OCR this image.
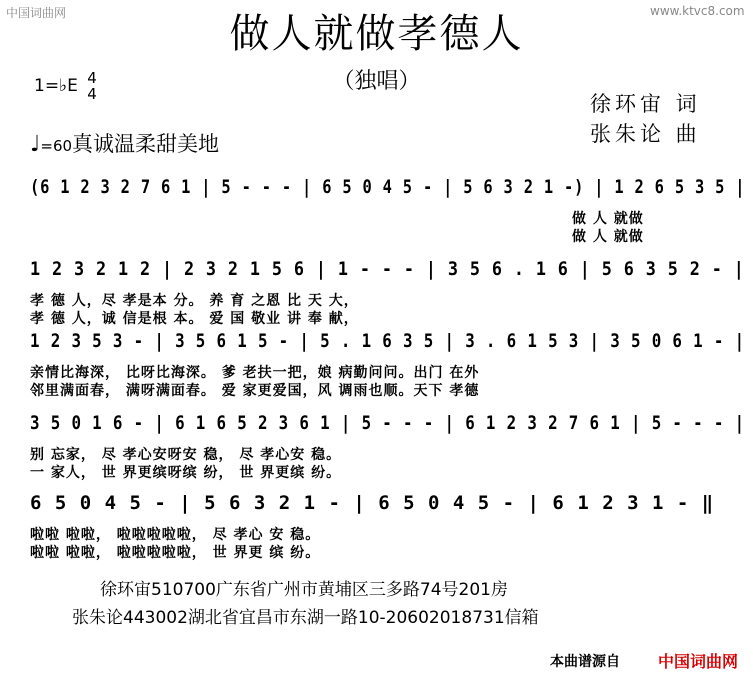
中国词曲网	www.ktvc8.com
做人就做孝德人
（独唱）
1=♭E 4
4	徐环宙 词
张朱论 曲
♩=60真诚温柔甜美地
(6 1 2 3 2 7 6 1 | 5 - - - | 6 5 0 4 5 - | 5 6 3 2 1 -) | 1 2 6 5 3 5 |
做 人 就做
做 人 就做
1 2 3 2 1 2 | 2 3 2 1 5 6 | 1 - - - | 3 5 6 . 1 6 | 5 6 3 5 2 - |
孝 德 人，尽 孝是本 分。 养 育 之恩 比 天 大，
孝 德 人，诚 信是根 本。 爱 国 敬业 讲 奉 献，
1 2 3 5 3 - | 3 5 6 1 5 - | 5 . 1 6 3 5 | 3 . 6 1 5 3 | 3 5 0 6 1 - |
亲情比海深， 比呀比海深。 爹 老扶一把，娘 病勤问问。出门 在外
邻里满面春， 满呀满面春。 爱 家更爱国，风 调雨也顺。天下 孝德
3 5 0 1 6 - | 6 1 6 5 2 3 6 1 | 5 - - - | 6 1 2 3 2 7 6 1 | 5 - - - |
别 忘家， 尽 孝心安呀安 稳， 尽 孝心安 稳。
一 家人， 世 界更缤呀缤 纷， 世 界更缤 纷。
6 5 0 4 5 - | 5 6 3 2 1 - | 6 5 0 4 5 - | 6 1 2 3 1 - ‖
啦啦 啦啦， 啦啦啦啦啦， 尽 孝心 安 稳。
啦啦 啦啦， 啦啦啦啦啦， 世 界更 缤 纷。
徐环宙510700广东省广州市黄埔区三多路74号201房
张朱论443002湖北省宜昌市东湖一路10-20602018731信箱
本曲谱源自 中国词曲网
